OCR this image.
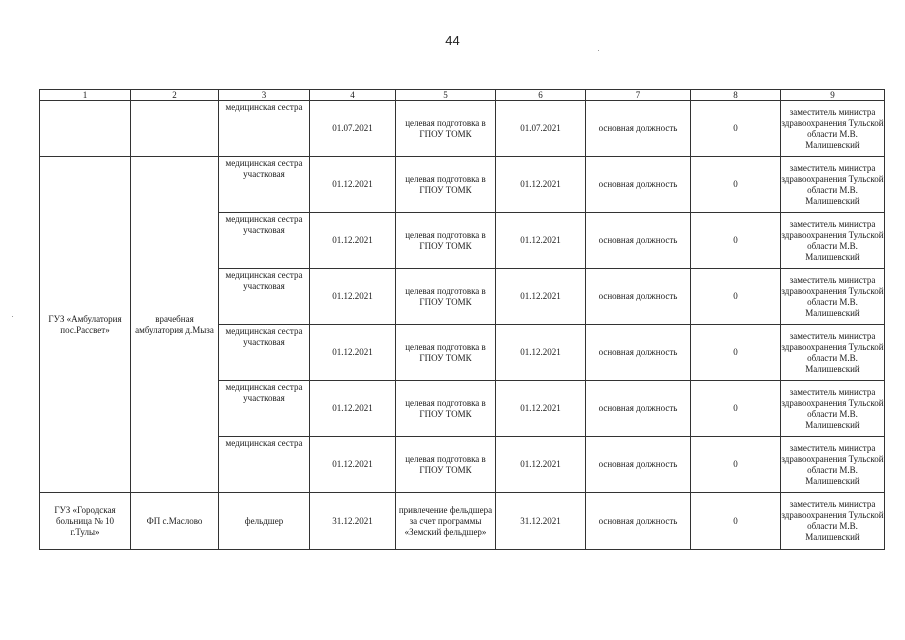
44
1	2	3	4	5	6	7	8	9
		медицинская сестра	01.07.2021	целевая подготовка в ГПОУ ТОМК	01.07.2021	основная должность	0	заместитель министра здравоохранения Тульской области М.В. Малишевский
ГУЗ «Амбулатория пос.Рассвет»	врачебная амбулатория д.Мыза	медицинская сестра участковая	01.12.2021	целевая подготовка в ГПОУ ТОМК	01.12.2021	основная должность	0	заместитель министра здравоохранения Тульской области М.В. Малишевский
		медицинская сестра участковая	01.12.2021	целевая подготовка в ГПОУ ТОМК	01.12.2021	основная должность	0	заместитель министра здравоохранения Тульской области М.В. Малишевский
		медицинская сестра участковая	01.12.2021	целевая подготовка в ГПОУ ТОМК	01.12.2021	основная должность	0	заместитель министра здравоохранения Тульской области М.В. Малишевский
		медицинская сестра участковая	01.12.2021	целевая подготовка в ГПОУ ТОМК	01.12.2021	основная должность	0	заместитель министра здравоохранения Тульской области М.В. Малишевский
		медицинская сестра участковая	01.12.2021	целевая подготовка в ГПОУ ТОМК	01.12.2021	основная должность	0	заместитель министра здравоохранения Тульской области М.В. Малишевский
		медицинская сестра	01.12.2021	целевая подготовка в ГПОУ ТОМК	01.12.2021	основная должность	0	заместитель министра здравоохранения Тульской области М.В. Малишевский
ГУЗ «Городская больница № 10 г.Тулы»	ФП с.Маслово	фельдшер	31.12.2021	привлечение фельдшера за счет программы «Земский фельдшер»	31.12.2021	основная должность	0	заместитель министра здравоохранения Тульской области М.В. Малишевский
